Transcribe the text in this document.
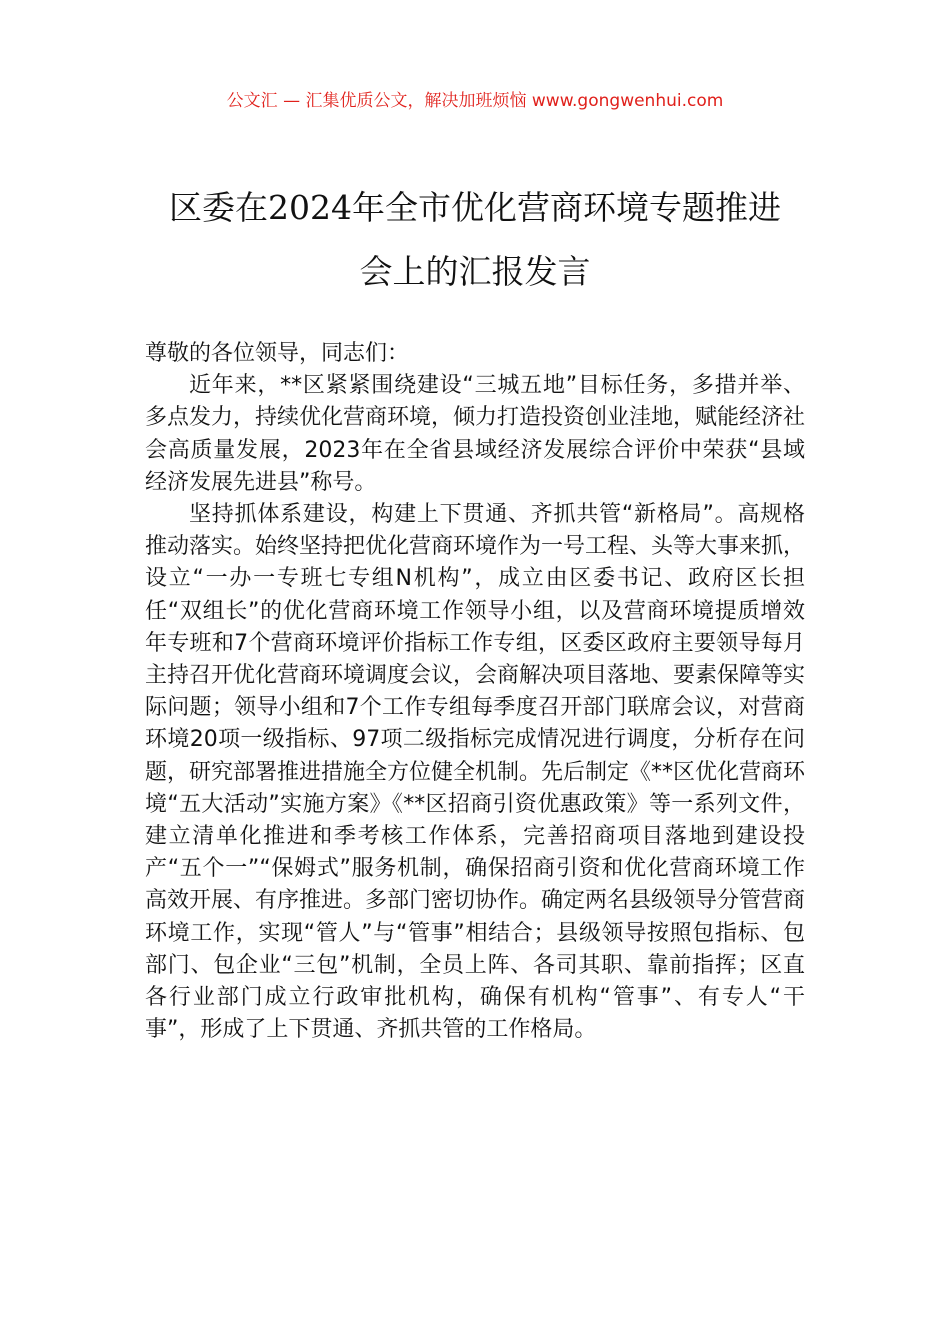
公文汇 — 汇集优质公文，解决加班烦恼 www.gongwenhui.com
区委在2024年全市优化营商环境专题推进
会上的汇报发言

尊敬的各位领导，同志们：

近年来，**区紧紧围绕建设“三城五地”目标任务，多措并举、多点发力，持续优化营商环境，倾力打造投资创业洼地，赋能经济社会高质量发展，2023年在全省县域经济发展综合评价中荣获“县域经济发展先进县”称号。

坚持抓体系建设，构建上下贯通、齐抓共管“新格局”。高规格推动落实。始终坚持把优化营商环境作为一号工程、头等大事来抓，设立“一办一专班七专组N机构”，成立由区委书记、政府区长担任“双组长”的优化营商环境工作领导小组，以及营商环境提质增效年专班和7个营商环境评价指标工作专组，区委区政府主要领导每月主持召开优化营商环境调度会议，会商解决项目落地、要素保障等实际问题；领导小组和7个工作专组每季度召开部门联席会议，对营商环境20项一级指标、97项二级指标完成情况进行调度，分析存在问题，研究部署推进措施全方位健全机制。先后制定《**区优化营商环境“五大活动”实施方案》《**区招商引资优惠政策》等一系列文件，建立清单化推进和季考核工作体系，完善招商项目落地到建设投产“五个一”“保姆式”服务机制，确保招商引资和优化营商环境工作高效开展、有序推进。多部门密切协作。确定两名县级领导分管营商环境工作，实现“管人”与“管事”相结合；县级领导按照包指标、包部门、包企业“三包”机制，全员上阵、各司其职、靠前指挥；区直各行业部门成立行政审批机构，确保有机构“管事”、有专人“干事”，形成了上下贯通、齐抓共管的工作格局。
